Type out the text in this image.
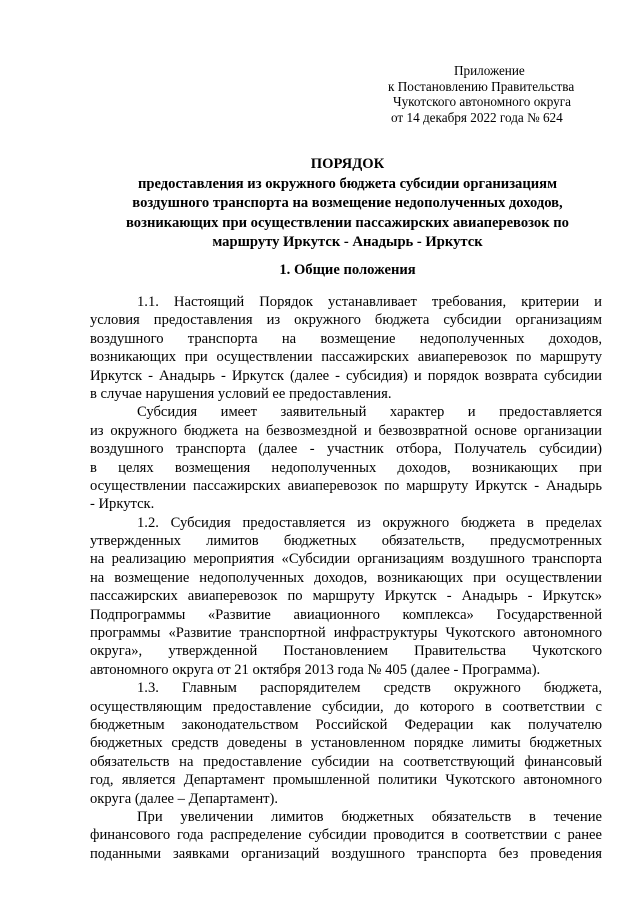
Приложение
к Постановлению Правительства
Чукотского автономного округа
от 14 декабря 2022 года № 624
ПОРЯДОК
предоставления из окружного бюджета субсидии организациям
воздушного транспорта на возмещение недополученных доходов,
возникающих при осуществлении пассажирских авиаперевозок по
маршруту Иркутск - Анадырь - Иркутск
1. Общие положения
1.1. Настоящий Порядок устанавливает требования, критерии и
условия предоставления из окружного бюджета субсидии организациям
воздушного транспорта на возмещение недополученных доходов,
возникающих при осуществлении пассажирских авиаперевозок по маршруту
Иркутск - Анадырь - Иркутск (далее - субсидия) и порядок возврата субсидии
в случае нарушения условий ее предоставления.
Субсидия имеет заявительный характер и предоставляется
из окружного бюджета на безвозмездной и безвозвратной основе организации
воздушного транспорта (далее - участник отбора, Получатель субсидии)
в целях возмещения недополученных доходов, возникающих при
осуществлении пассажирских авиаперевозок по маршруту Иркутск - Анадырь
- Иркутск.
1.2. Субсидия предоставляется из окружного бюджета в пределах
утвержденных лимитов бюджетных обязательств, предусмотренных
на реализацию мероприятия «Субсидии организациям воздушного транспорта
на возмещение недополученных доходов, возникающих при осуществлении
пассажирских авиаперевозок по маршруту Иркутск - Анадырь - Иркутск»
Подпрограммы «Развитие авиационного комплекса» Государственной
программы «Развитие транспортной инфраструктуры Чукотского автономного
округа», утвержденной Постановлением Правительства Чукотского
автономного округа от 21 октября 2013 года № 405 (далее - Программа).
1.3. Главным распорядителем средств окружного бюджета,
осуществляющим предоставление субсидии, до которого в соответствии с
бюджетным законодательством Российской Федерации как получателю
бюджетных средств доведены в установленном порядке лимиты бюджетных
обязательств на предоставление субсидии на соответствующий финансовый
год, является Департамент промышленной политики Чукотского автономного
округа (далее – Департамент).
При увеличении лимитов бюджетных обязательств в течение
финансового года распределение субсидии проводится в соответствии с ранее
поданными заявками организаций воздушного транспорта без проведения
